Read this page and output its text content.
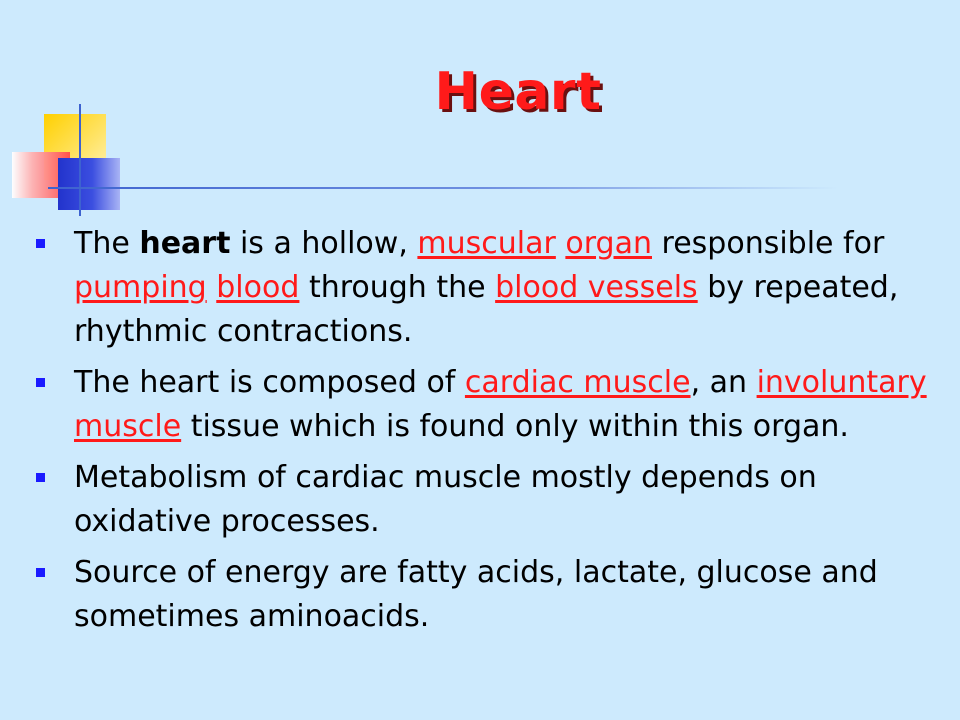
Heart
The heart is a hollow, muscular organ responsible for pumping blood through the blood vessels by repeated, rhythmic contractions.
The heart is composed of cardiac muscle, an involuntary muscle tissue which is found only within this organ.
Metabolism of cardiac muscle mostly depends on oxidative processes.
Source of energy are fatty acids, lactate, glucose and sometimes aminoacids.
